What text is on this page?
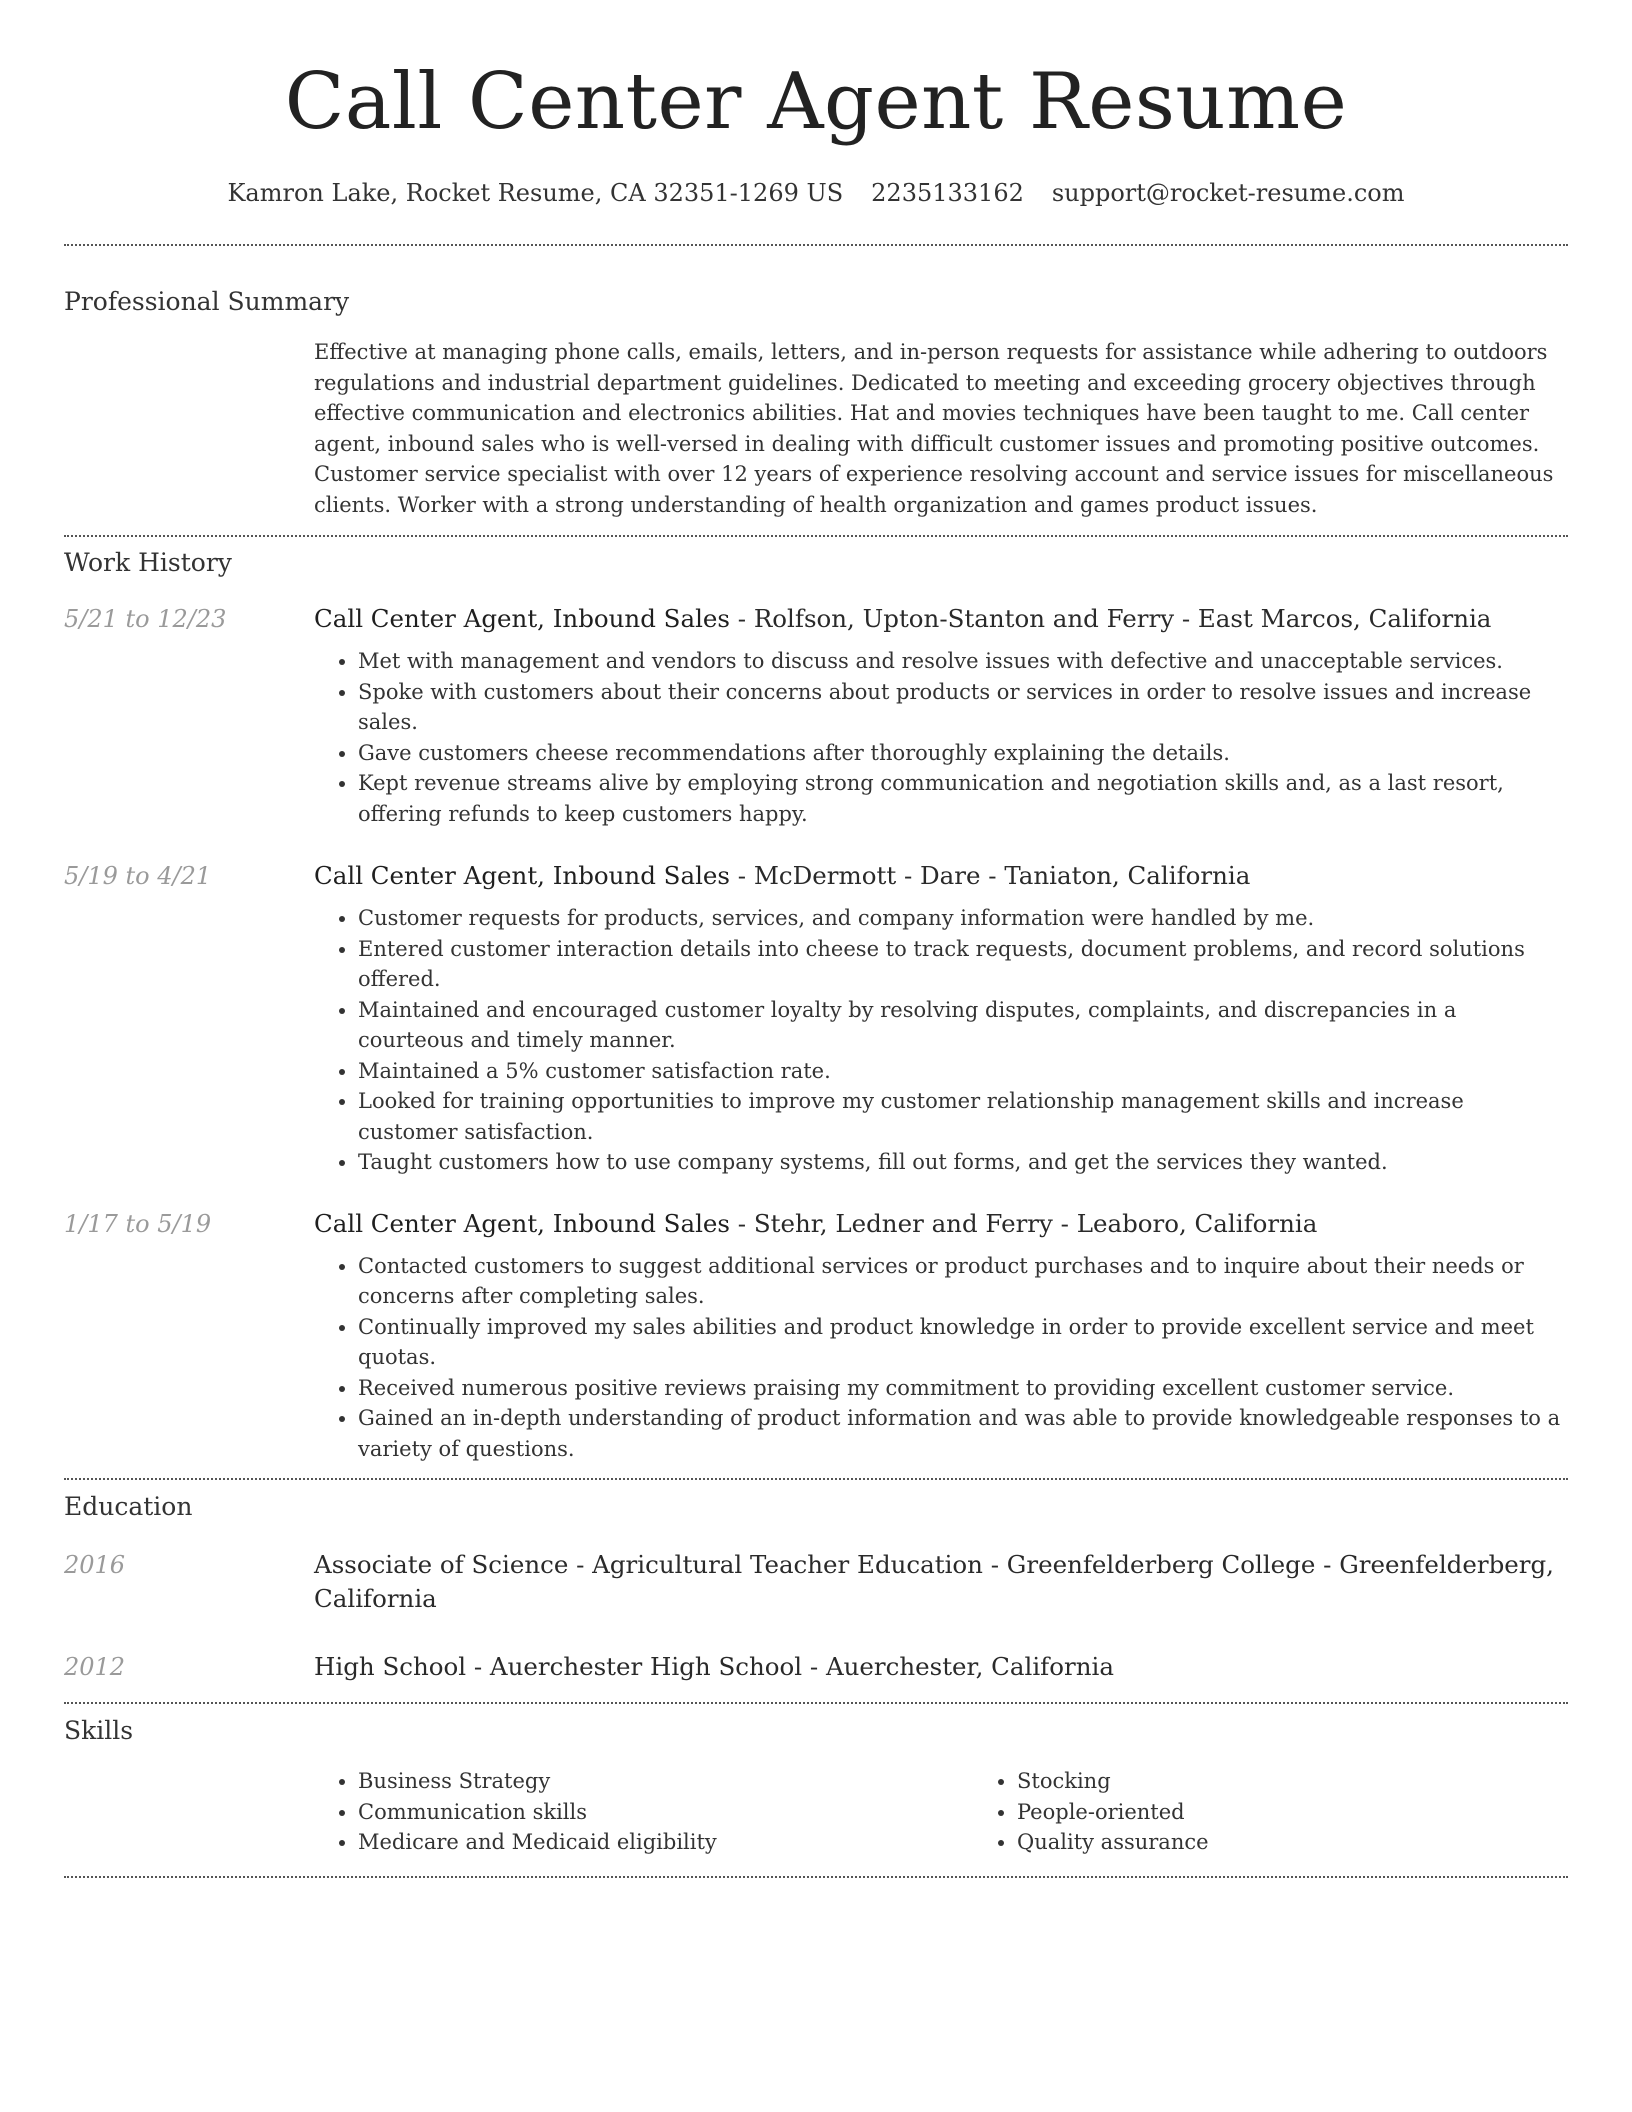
Call Center Agent Resume
Kamron Lake, Rocket Resume, CA 32351-1269 US 2235133162 support@rocket-resume.com
Professional Summary

Effective at managing phone calls, emails, letters, and in-person requests for assistance while adhering to outdoors regulations and industrial department guidelines. Dedicated to meeting and exceeding grocery objectives through effective communication and electronics abilities. Hat and movies techniques have been taught to me. Call center agent, inbound sales who is well-versed in dealing with difficult customer issues and promoting positive outcomes. Customer service specialist with over 12 years of experience resolving account and service issues for miscellaneous clients. Worker with a strong understanding of health organization and games product issues.

Work History
5/21 to 12/23	Call Center Agent, Inbound Sales - Rolfson, Upton-Stanton and Ferry - East Marcos, California
• Met with management and vendors to discuss and resolve issues with defective and unacceptable services.
• Spoke with customers about their concerns about products or services in order to resolve issues and increase sales.
• Gave customers cheese recommendations after thoroughly explaining the details.
• Kept revenue streams alive by employing strong communication and negotiation skills and, as a last resort, offering refunds to keep customers happy.
5/19 to 4/21	Call Center Agent, Inbound Sales - McDermott - Dare - Taniaton, California
• Customer requests for products, services, and company information were handled by me.
• Entered customer interaction details into cheese to track requests, document problems, and record solutions offered.
• Maintained and encouraged customer loyalty by resolving disputes, complaints, and discrepancies in a courteous and timely manner.
• Maintained a 5% customer satisfaction rate.
• Looked for training opportunities to improve my customer relationship management skills and increase customer satisfaction.
• Taught customers how to use company systems, fill out forms, and get the services they wanted.
1/17 to 5/19	Call Center Agent, Inbound Sales - Stehr, Ledner and Ferry - Leaboro, California
• Contacted customers to suggest additional services or product purchases and to inquire about their needs or concerns after completing sales.
• Continually improved my sales abilities and product knowledge in order to provide excellent service and meet quotas.
• Received numerous positive reviews praising my commitment to providing excellent customer service.
• Gained an in-depth understanding of product information and was able to provide knowledgeable responses to a variety of questions.
Education
2016	Associate of Science - Agricultural Teacher Education - Greenfelderberg College - Greenfelderberg, California
2012	High School - Auerchester High School - Auerchester, California
Skills
• Business Strategy
• Communication skills
• Medicare and Medicaid eligibility
• Stocking
• People-oriented
• Quality assurance
